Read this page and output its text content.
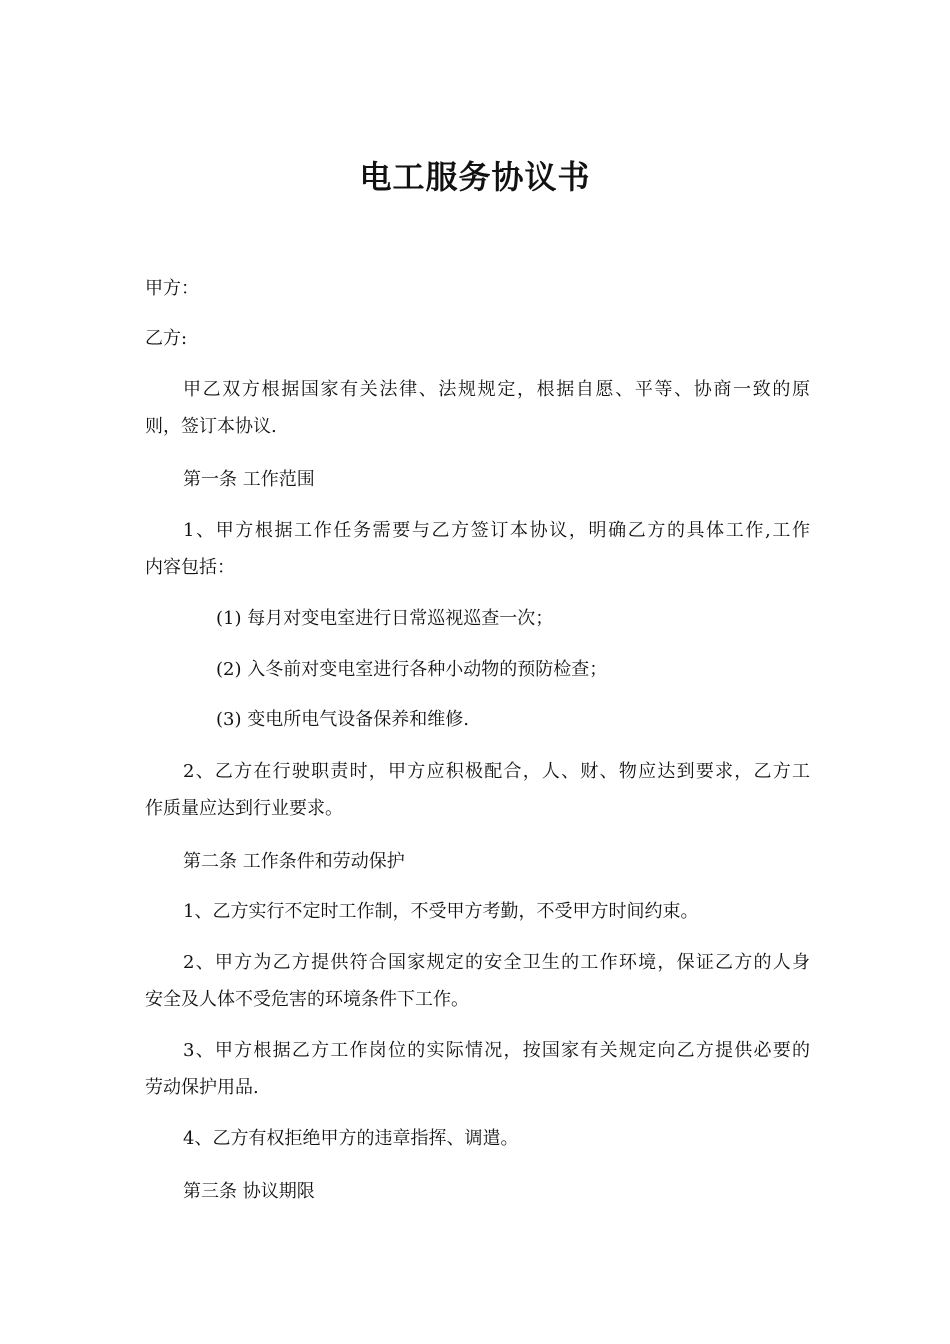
电工服务协议书
甲方：
乙方:
甲乙双方根据国家有关法律、法规规定，根据自愿、平等、协商一致的原
则，签订本协议.
第一条 工作范围
1、甲方根据工作任务需要与乙方签订本协议，明确乙方的具体工作,工作
内容包括：
(1) 每月对变电室进行日常巡视巡查一次；
(2) 入冬前对变电室进行各种小动物的预防检查；
(3) 变电所电气设备保养和维修.
2、乙方在行驶职责时，甲方应积极配合，人、财、物应达到要求，乙方工
作质量应达到行业要求。
第二条 工作条件和劳动保护
1、乙方实行不定时工作制，不受甲方考勤，不受甲方时间约束。
2、甲方为乙方提供符合国家规定的安全卫生的工作环境，保证乙方的人身
安全及人体不受危害的环境条件下工作。
3、甲方根据乙方工作岗位的实际情况，按国家有关规定向乙方提供必要的
劳动保护用品.
4、乙方有权拒绝甲方的违章指挥、调遣。
第三条 协议期限
